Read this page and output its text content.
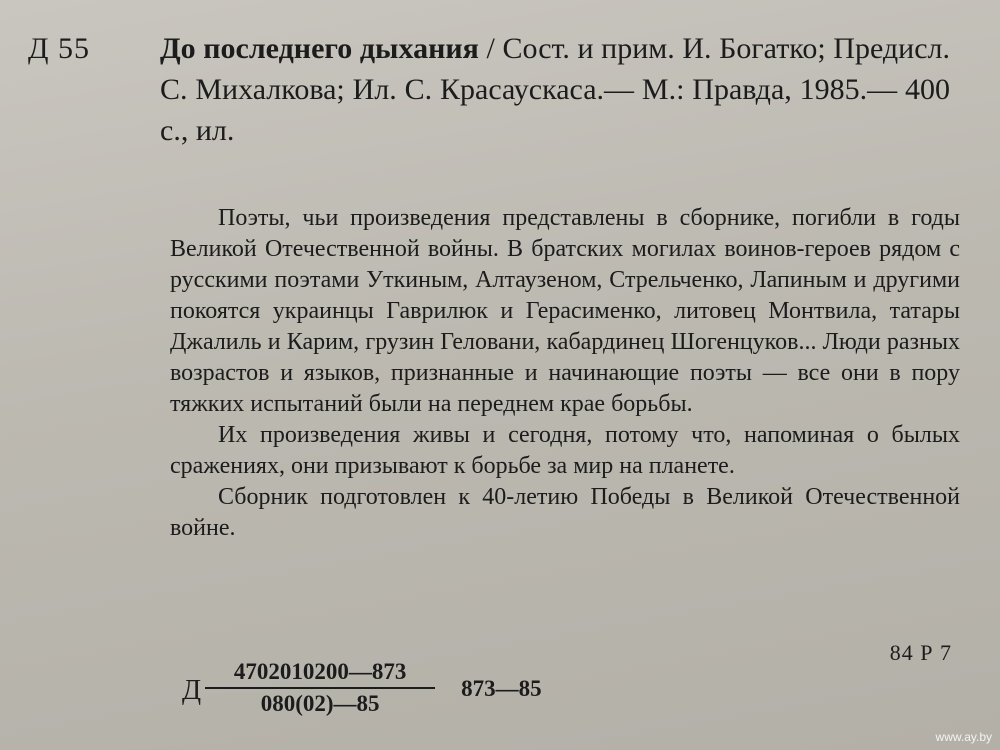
Д 55 До последнего дыхания / Сост. и прим. И. Богатко; Предисл. С. Михалкова; Ил. С. Красаускаса.— М.: Правда, 1985.— 400 с., ил.

Поэты, чьи произведения представлены в сборнике, погибли в годы Великой Отечественной войны. В братских могилах воинов-героев рядом с русскими поэтами Уткиным, Алтаузеном, Стрельченко, Лапиным и другими покоятся украинцы Гаврилюк и Герасименко, литовец Монтвила, татары Джалиль и Карим, грузин Геловани, кабардинец Шогенцуков... Люди разных возрастов и языков, признанные и начинающие поэты — все они в пору тяжких испытаний были на переднем крае борьбы.

Их произведения живы и сегодня, потому что, напоминая о былых сражениях, они призывают к борьбе за мир на планете.

Сборник подготовлен к 40-летию Победы в Великой Отечественной войне.

84 Р 7
Д $\frac{4702010200—873}{080(02)—85}$ 873—85
www.ay.by
